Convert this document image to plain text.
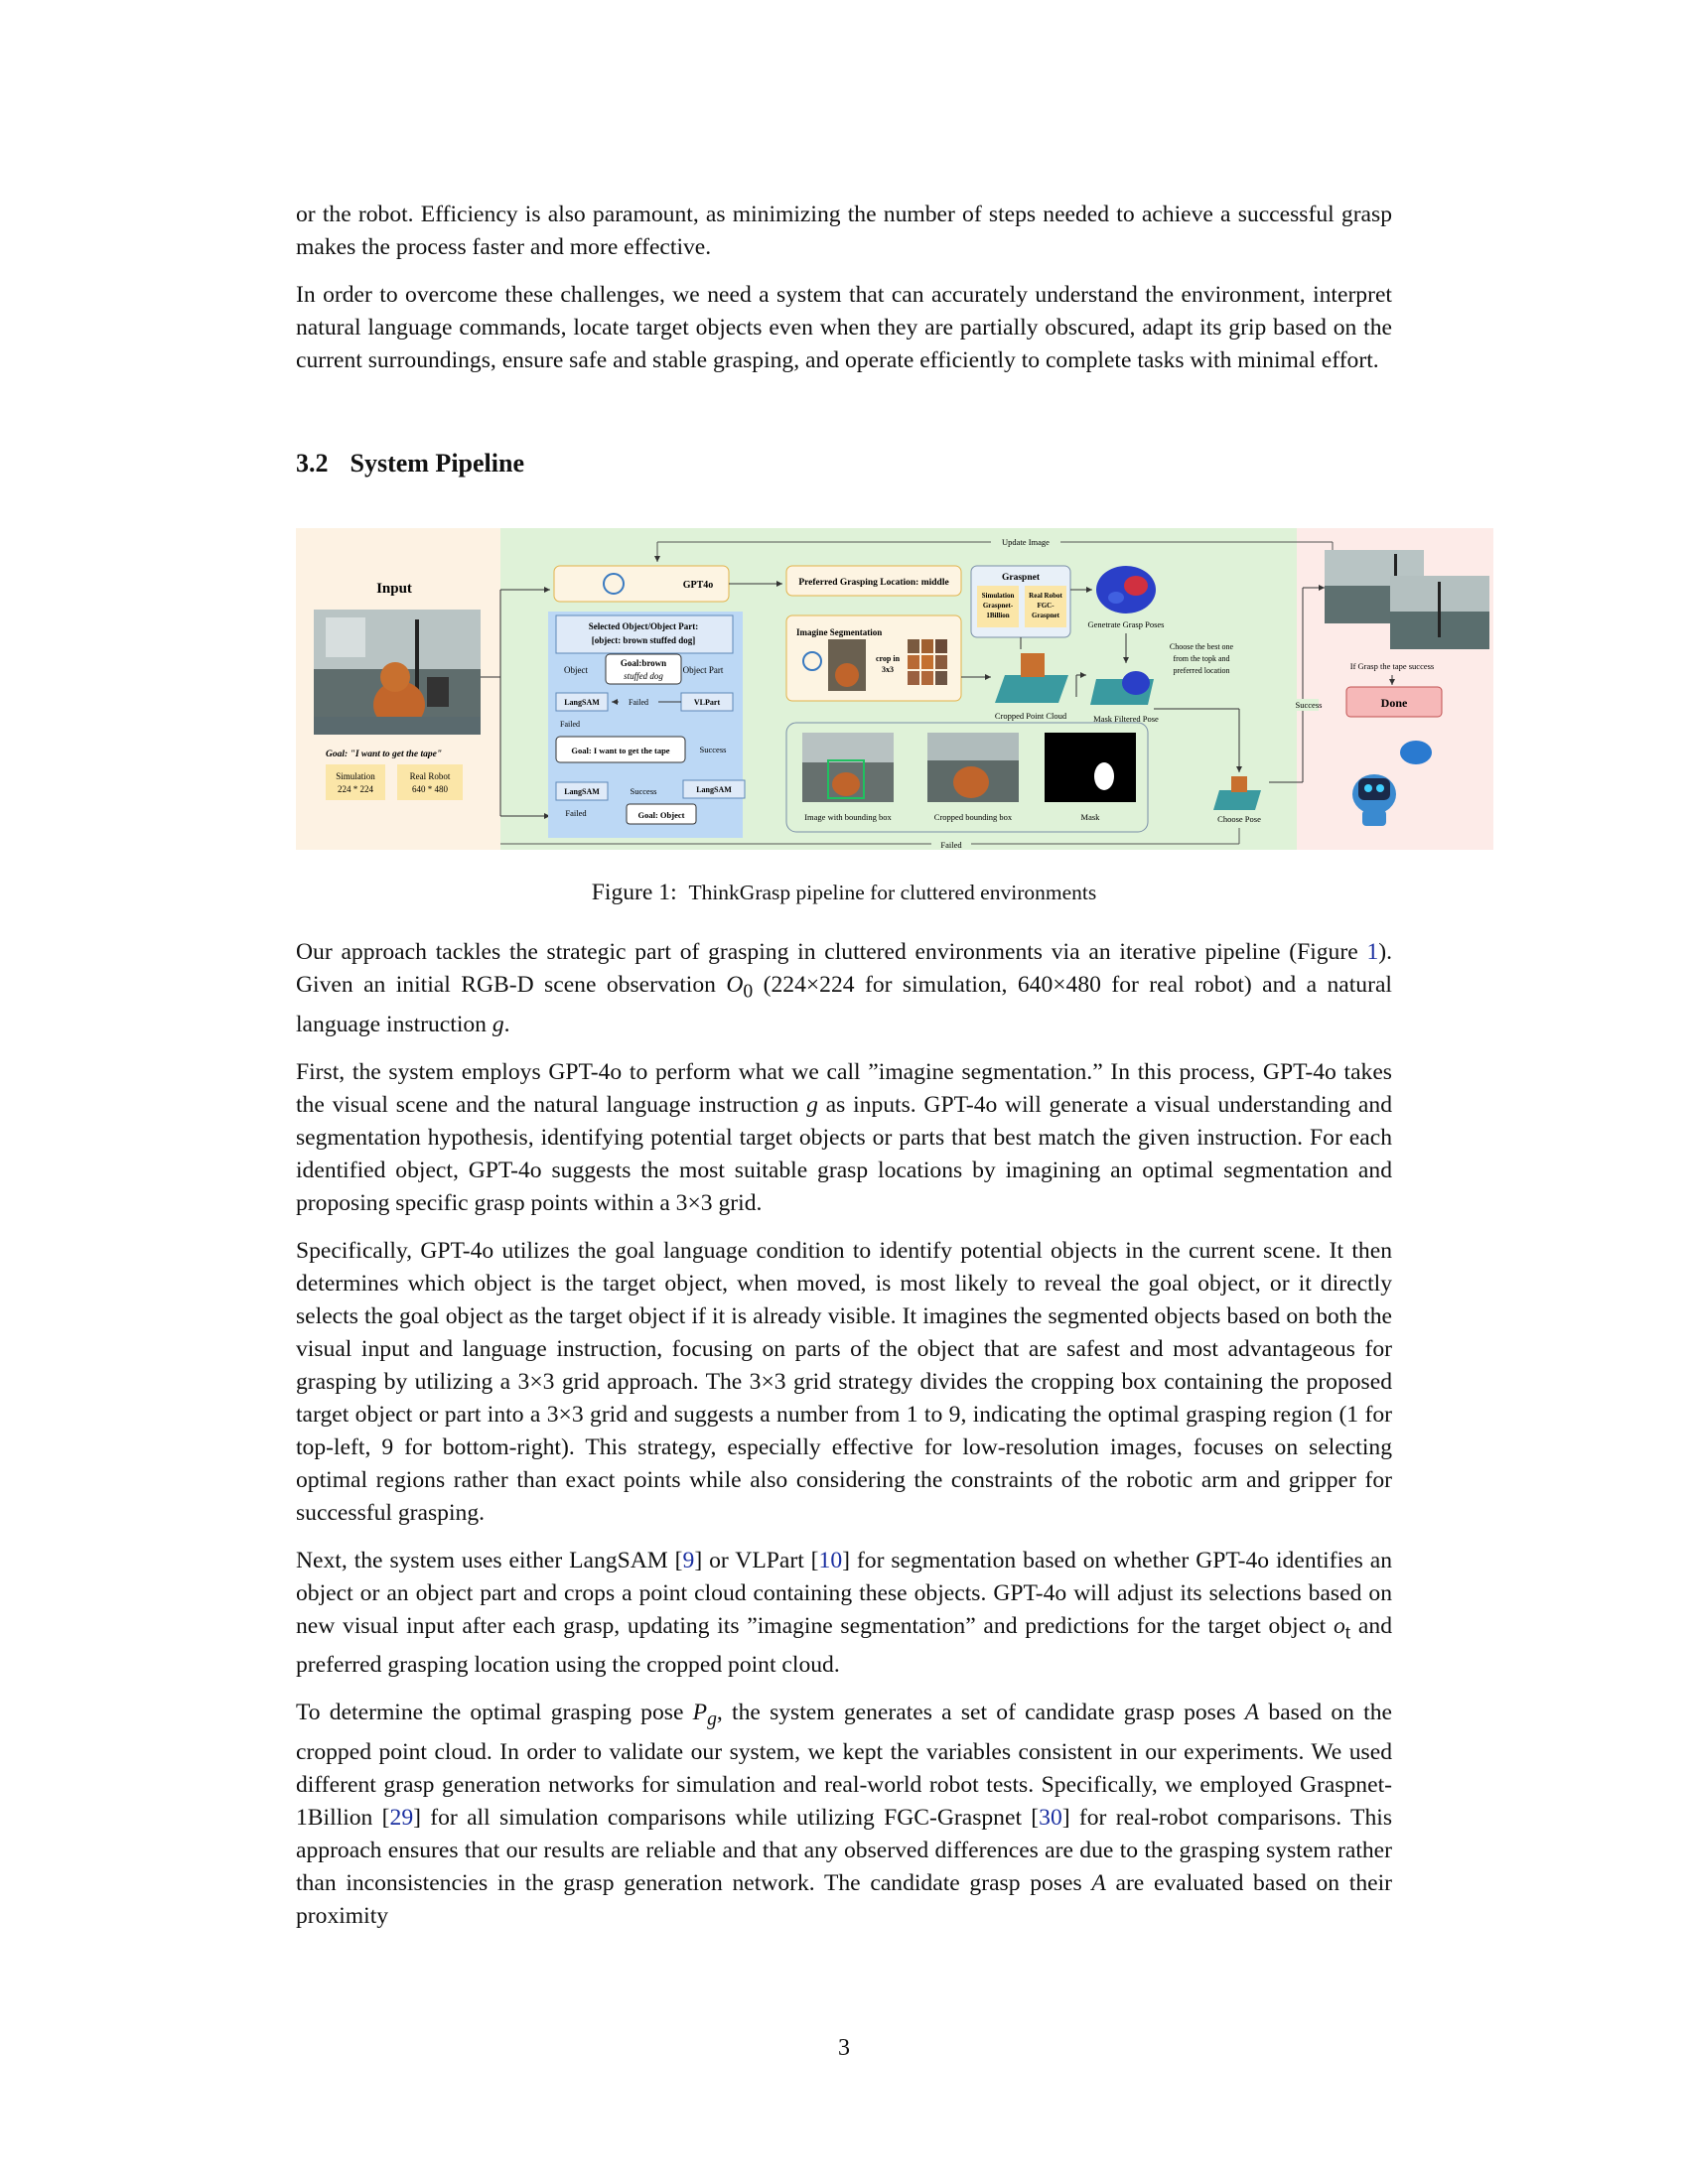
or the robot. Efficiency is also paramount, as minimizing the number of steps needed to achieve a successful grasp makes the process faster and more effective.

In order to overcome these challenges, we need a system that can accurately understand the environment, interpret natural language commands, locate target objects even when they are partially obscured, adapt its grip based on the current surroundings, ensure safe and stable grasping, and operate efficiently to complete tasks with minimal effort.

3.2 System Pipeline
Input
Goal: "I want to get the tape"
Simulation
224 * 224
Real Robot
640 * 480
GPT4o
Selected Object/Object Part:
[object: brown stuffed dog]
Object	Object Part
Goal:brown
stuffed dog
LangSAM	VLPart
Failed
Failed
Goal: I want to get the tape	Success
LangSAM	LangSAM
Success
Failed	Goal: Object
Preferred Grasping Location: middle
Imagine Segmentation
crop in
3x3
Graspnet
Simulation
Graspnet-
1Billion
Real Robot
FGC-
Graspnet
Genetrate Grasp Poses
Cropped Point Cloud	Mask Filtered Pose
Choose the best one
from the topk and
preferred location
Image with bounding box	Cropped bounding box	Mask	Choose Pose
Success
Update Image
Failed
If Grasp the tape success
Done
Figure 1: ThinkGrasp pipeline for cluttered environments

Our approach tackles the strategic part of grasping in cluttered environments via an iterative pipeline (Figure 1). Given an initial RGB-D scene observation $O_0$ (224×224 for simulation, 640×480 for real robot) and a natural language instruction g.

First, the system employs GPT-4o to perform what we call ”imagine segmentation.” In this process, GPT-4o takes the visual scene and the natural language instruction g as inputs. GPT-4o will generate a visual understanding and segmentation hypothesis, identifying potential target objects or parts that best match the given instruction. For each identified object, GPT-4o suggests the most suitable grasp locations by imagining an optimal segmentation and proposing specific grasp points within a 3×3 grid.

Specifically, GPT-4o utilizes the goal language condition to identify potential objects in the current scene. It then determines which object is the target object, when moved, is most likely to reveal the goal object, or it directly selects the goal object as the target object if it is already visible. It imagines the segmented objects based on both the visual input and language instruction, focusing on parts of the object that are safest and most advantageous for grasping by utilizing a 3×3 grid approach. The 3×3 grid strategy divides the cropping box containing the proposed target object or part into a 3×3 grid and suggests a number from 1 to 9, indicating the optimal grasping region (1 for top-left, 9 for bottom-right). This strategy, especially effective for low-resolution images, focuses on selecting optimal regions rather than exact points while also considering the constraints of the robotic arm and gripper for successful grasping.

Next, the system uses either LangSAM [9] or VLPart [10] for segmentation based on whether GPT-4o identifies an object or an object part and crops a point cloud containing these objects. GPT-4o will adjust its selections based on new visual input after each grasp, updating its ”imagine segmentation” and predictions for the target object $o_t$ and preferred grasping location using the cropped point cloud.

To determine the optimal grasping pose $P_g$, the system generates a set of candidate grasp poses A based on the cropped point cloud. In order to validate our system, we kept the variables consistent in our experiments. We used different grasp generation networks for simulation and real-world robot tests. Specifically, we employed Graspnet-1Billion [29] for all simulation comparisons while utilizing FGC-Graspnet [30] for real-robot comparisons. This approach ensures that our results are reliable and that any observed differences are due to the grasping system rather than inconsistencies in the grasp generation network. The candidate grasp poses A are evaluated based on their proximity

3
